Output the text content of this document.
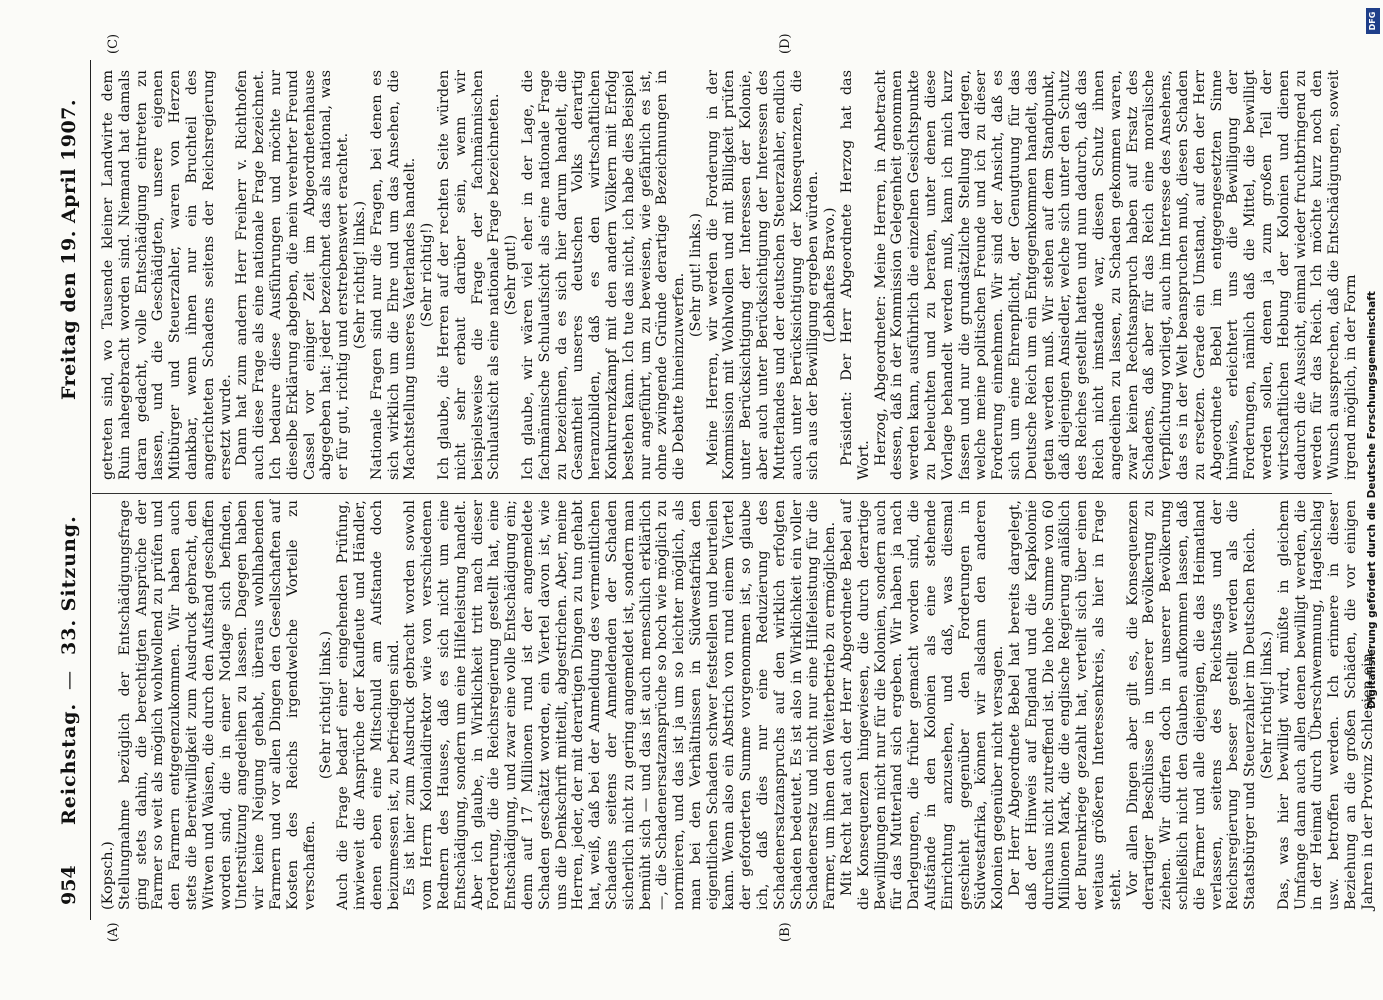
954
Reichstag.
—
33. Sitzung.
Freitag den 19. April 1907.
(A)	(B)
(C)	(D)

(Kopsch.) Stellungnahme bezüglich der Entschädigungsfrage ging stets dahin, die berechtigten Ansprüche der Farmer so weit als möglich wohlwollend zu prüfen und den Farmern entgegenzukommen. Wir haben auch stets die Bereitwilligkeit zum Ausdruck gebracht, den Witwen und Waisen, die durch den Aufstand geschaffen worden sind, die in einer Notlage sich befinden, Unterstützung angedeihen zu lassen. Dagegen haben wir keine Neigung gehabt, überaus wohlhabenden Farmern und vor allen Dingen den Gesellschaften auf Kosten des Reichs irgendwelche Vorteile zu verschaffen.

(Sehr richtig! links.) Auch die Frage bedarf einer eingehenden Prüfung, inwieweit die Ansprüche der Kaufleute und Händler, denen eben eine Mitschuld am Aufstande doch beizumessen ist, zu befriedigen sind. Es ist hier zum Ausdruck gebracht worden sowohl vom Herrn Kolonialdirektor wie von verschiedenen Rednern des Hauses, daß es sich nicht um eine Entschädigung, sondern um eine Hilfeleistung handelt. Aber ich glaube, in Wirklichkeit tritt nach dieser Forderung, die die Reichsregierung gestellt hat, eine Entschädigung, und zwar eine volle Entschädigung ein; denn auf 17 Millionen rund ist der angemeldete Schaden geschätzt worden, ein Viertel davon ist, wie uns die Denkschrift mitteilt, abgestrichen. Aber, meine Herren, jeder, der mit derartigen Dingen zu tun gehabt hat, weiß, daß bei der Anmeldung des vermeintlichen Schadens seitens der Anmeldenden der Schaden sicherlich nicht zu gering angemeldet ist, sondern man bemüht sich — und das ist auch menschlich erklärlich —, die Schadenersatzansprüche so hoch wie möglich zu normieren, und das ist ja um so leichter möglich, als man bei den Verhältnissen in Südwestafrika den eigentlichen Schaden schwer feststellen und beurteilen kann. Wenn also ein Abstrich von rund einem Viertel der geforderten Summe vorgenommen ist, so glaube ich, daß dies nur eine Reduzierung des Schadenersatzanspruchs auf den wirklich erfolgten Schaden bedeutet. Es ist also in Wirklichkeit ein voller Schadenersatz und nicht nur eine Hilfeleistung für die Farmer, um ihnen den Weiterbetrieb zu ermöglichen. Mit Recht hat auch der Herr Abgeordnete Bebel auf die Konsequenzen hingewiesen, die durch derartige Bewilligungen nicht nur für die Kolonien, sondern auch für das Mutterland sich ergeben. Wir haben ja nach Darlegungen, die früher gemacht worden sind, die Aufstände in den Kolonien als eine stehende Einrichtung anzusehen, und daß, was diesmal geschieht gegenüber den Forderungen in Südwestafrika, können wir alsdann den anderen Kolonien gegenüber nicht versagen. Der Herr Abgeordnete Bebel hat bereits dargelegt, daß der Hinweis auf England und die Kapkolonie durchaus nicht zutreffend ist. Die hohe Summe von 60 Millionen Mark, die die englische Regierung anläßlich der Burenkriege gezahlt hat, verteilt sich über einen weitaus größeren Interessenkreis, als hier in Frage steht. Vor allen Dingen aber gilt es, die Konsequenzen derartiger Beschlüsse in unserer Bevölkerung zu ziehen. Wir dürfen doch in unserer Bevölkerung schließlich nicht den Glauben aufkommen lassen, daß die Farmer und alle diejenigen, die das Heimatland verlassen, seitens des Reichstags und der Reichsregierung besser gestellt werden als die Staatsbürger und Steuerzahler im Deutschen Reich. (Sehr richtig! links.) Das, was hier bewilligt wird, müßte in gleichem Umfange dann auch allen denen bewilligt werden, die in der Heimat durch Überschwemmung, Hagelschlag usw. betroffen werden. Ich erinnere in dieser Beziehung an die großen Schäden, die vor einigen Jahren in der Provinz Schlesien ein-

getreten sind, wo Tausende kleiner Landwirte dem Ruin nahegebracht worden sind. Niemand hat damals daran gedacht, volle Entschädigung eintreten zu lassen, und die Geschädigten, unsere eigenen Mitbürger und Steuerzahler, waren von Herzen dankbar, wenn ihnen nur ein Bruchteil des angerichteten Schadens seitens der Reichsregierung ersetzt wurde. Dann hat zum andern Herr Freiherr v. Richthofen auch diese Frage als eine nationale Frage bezeichnet. Ich bedaure diese Ausführungen und möchte nur dieselbe Erklärung abgeben, die mein verehrter Freund Cassel vor einiger Zeit im Abgeordnetenhause abgegeben hat: jeder bezeichnet das als national, was er für gut, richtig und erstrebenswert erachtet. (Sehr richtig! links.) Nationale Fragen sind nur die Fragen, bei denen es sich wirklich um die Ehre und um das Ansehen, die Machtstellung unseres Vaterlandes handelt. (Sehr richtig!) Ich glaube, die Herren auf der rechten Seite würden nicht sehr erbaut darüber sein, wenn wir beispielsweise die Frage der fachmännischen Schulaufsicht als eine nationale Frage bezeichneten. (Sehr gut!) Ich glaube, wir wären viel eher in der Lage, die fachmännische Schulaufsicht als eine nationale Frage zu bezeichnen, da es sich hier darum handelt, die Gesamtheit unseres deutschen Volks derartig heranzubilden, daß es den wirtschaftlichen Konkurrenzkampf mit den andern Völkern mit Erfolg bestehen kann. Ich tue das nicht, ich habe dies Beispiel nur angeführt, um zu beweisen, wie gefährlich es ist, ohne zwingende Gründe derartige Bezeichnungen in die Debatte hineinzuwerfen. (Sehr gut! links.) Meine Herren, wir werden die Forderung in der Kommission mit Wohlwollen und mit Billigkeit prüfen unter Berücksichtigung der Interessen der Kolonie, aber auch unter Berücksichtigung der Interessen des Mutterlandes und der deutschen Steuerzahler, endlich auch unter Berücksichtigung der Konsequenzen, die sich aus der Bewilligung ergeben würden. (Lebhaftes Bravo.) Präsident: Der Herr Abgeordnete Herzog hat das Wort. Herzog, Abgeordneter: Meine Herren, in Anbetracht dessen, daß in der Kommission Gelegenheit genommen werden kann, ausführlich die einzelnen Gesichtspunkte zu beleuchten und zu beraten, unter denen diese Vorlage behandelt werden muß, kann ich mich kurz fassen und nur die grundsätzliche Stellung darlegen, welche meine politischen Freunde und ich zu dieser Forderung einnehmen. Wir sind der Ansicht, daß es sich um eine Ehrenpflicht, der Genugtuung für das Deutsche Reich um ein Entgegenkommen handelt, das getan werden muß. Wir stehen auf dem Standpunkt, daß diejenigen Ansiedler, welche sich unter den Schutz des Reiches gestellt hatten und nun dadurch, daß das Reich nicht imstande war, diesen Schutz ihnen angedeihen zu lassen, zu Schaden gekommen waren, zwar keinen Rechtsanspruch haben auf Ersatz des Schadens, daß aber für das Reich eine moralische Verpflichtung vorliegt, auch im Interesse des Ansehens, das es in der Welt beanspruchen muß, diesen Schaden zu ersetzen. Gerade ein Umstand, auf den der Herr Abgeordnete Bebel im entgegengesetzten Sinne hinwies, erleichtert uns die Bewilligung der Forderungen, nämlich daß die Mittel, die bewilligt werden sollen, denen ja zum großen Teil der wirtschaftlichen Hebung der Kolonien und dienen dadurch die Aussicht, einmal wieder fruchtbringend zu werden für das Reich. Ich möchte kurz noch den Wunsch aussprechen, daß die Entschädigungen, soweit irgend möglich, in der Form Digitalisierung gefördert durch die Deutsche Forschungsgemeinschaft
DFG
